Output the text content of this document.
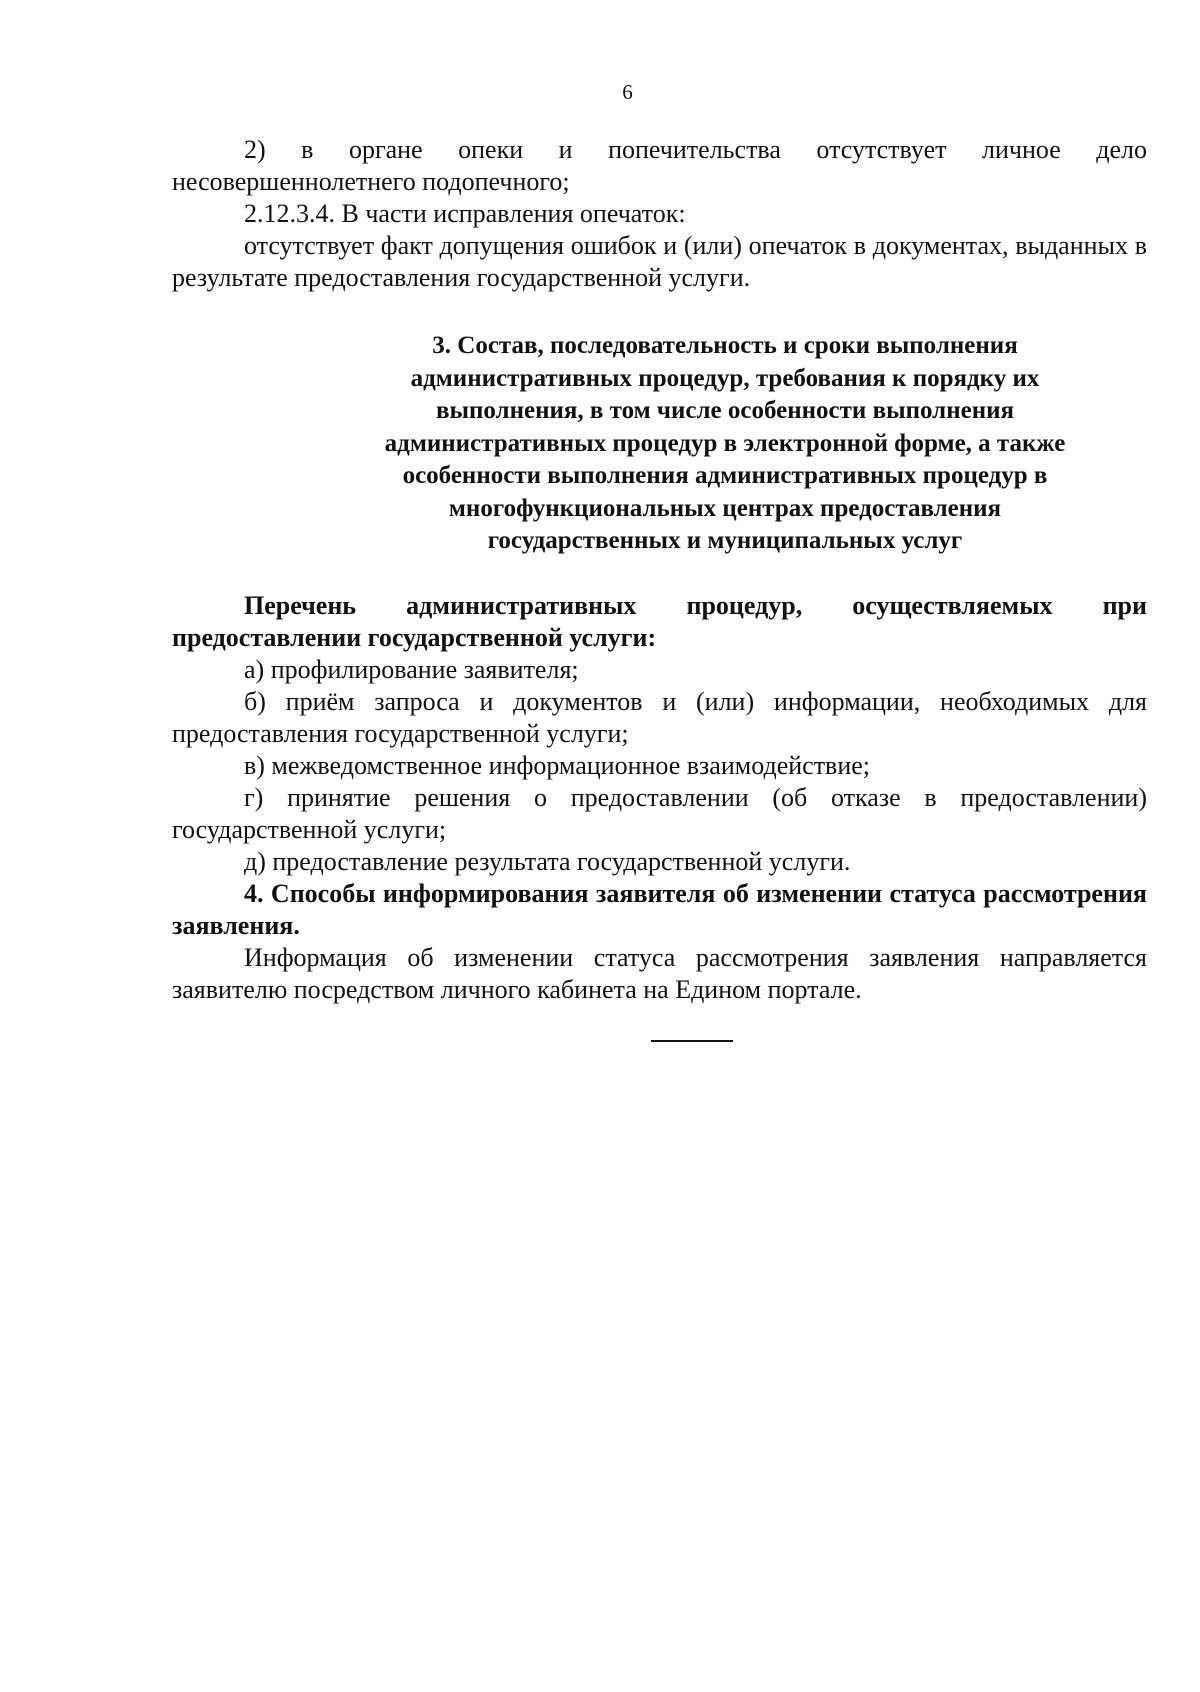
6

2) в органе опеки и попечительства отсутствует личное дело несовершеннолетнего подопечного;

2.12.3.4. В части исправления опечаток:

отсутствует факт допущения ошибок и (или) опечаток в документах, выданных в результате предоставления государственной услуги.

3. Состав, последовательность и сроки выполнения
административных процедур, требования к порядку их
выполнения, в том числе особенности выполнения
административных процедур в электронной форме, а также
особенности выполнения административных процедур в
многофункциональных центрах предоставления
государственных и муниципальных услуг

Перечень административных процедур, осуществляемых при предоставлении государственной услуги:

а) профилирование заявителя;

б) приём запроса и документов и (или) информации, необходимых для предоставления государственной услуги;

в) межведомственное информационное взаимодействие;

г) принятие решения о предоставлении (об отказе в предоставлении) государственной услуги;

д) предоставление результата государственной услуги.

4. Способы информирования заявителя об изменении статуса рассмотрения заявления.

Информация об изменении статуса рассмотрения заявления направляется заявителю посредством личного кабинета на Едином портале.
